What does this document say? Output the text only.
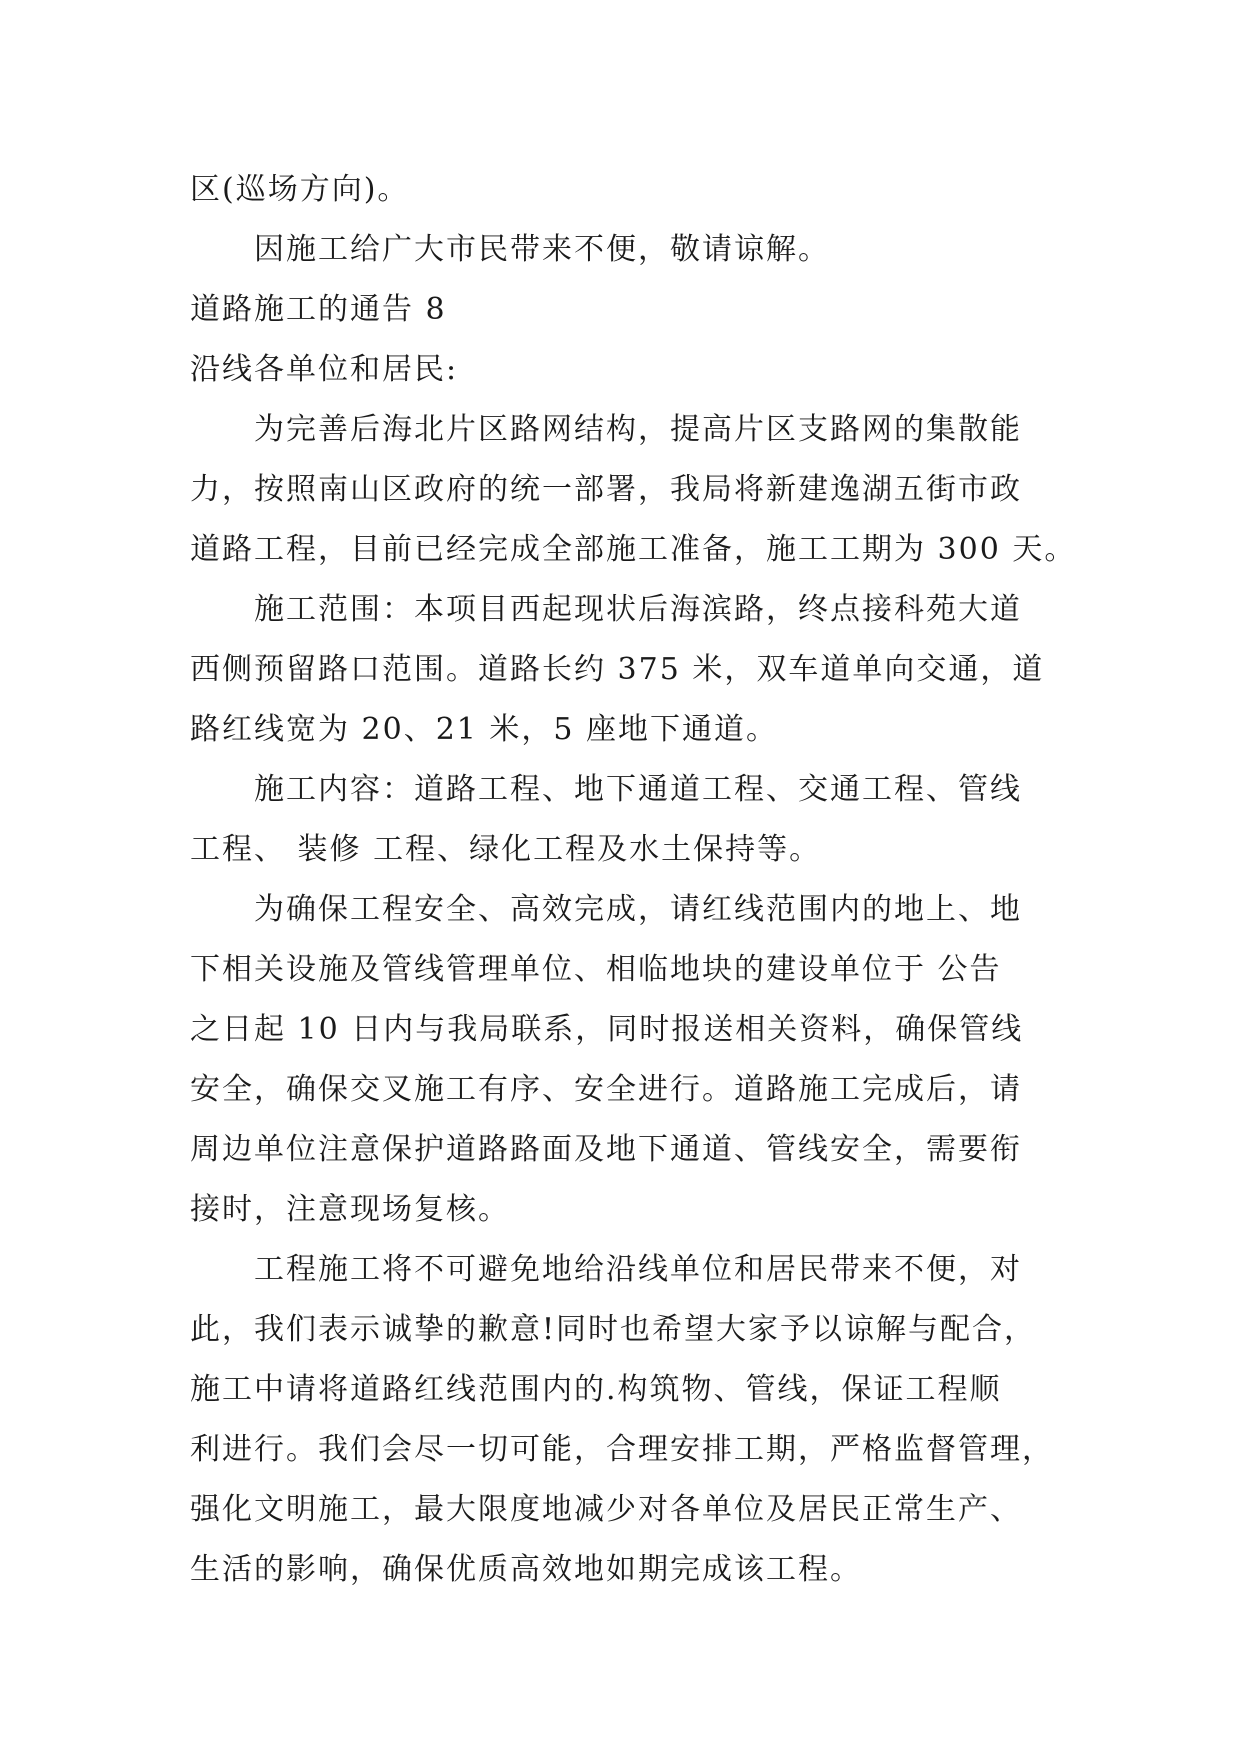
区(巡场方向)。
因施工给广大市民带来不便，敬请谅解。
道路施工的通告 8
沿线各单位和居民:
为完善后海北片区路网结构，提高片区支路网的集散能
力，按照南山区政府的统一部署，我局将新建逸湖五街市政
道路工程，目前已经完成全部施工准备，施工工期为 300 天。
施工范围：本项目西起现状后海滨路，终点接科苑大道
西侧预留路口范围。道路长约 375 米，双车道单向交通，道
路红线宽为 20、21 米，5 座地下通道。
施工内容：道路工程、地下通道工程、交通工程、管线
工程、 装修 工程、绿化工程及水土保持等。
为确保工程安全、高效完成，请红线范围内的地上、地
下相关设施及管线管理单位、相临地块的建设单位于 公告
之日起 10 日内与我局联系，同时报送相关资料，确保管线
安全，确保交叉施工有序、安全进行。道路施工完成后，请
周边单位注意保护道路路面及地下通道、管线安全，需要衔
接时，注意现场复核。
工程施工将不可避免地给沿线单位和居民带来不便，对
此，我们表示诚挚的歉意!同时也希望大家予以谅解与配合，
施工中请将道路红线范围内的.构筑物、管线，保证工程顺
利进行。我们会尽一切可能，合理安排工期，严格监督管理，
强化文明施工，最大限度地减少对各单位及居民正常生产、
生活的影响，确保优质高效地如期完成该工程。
